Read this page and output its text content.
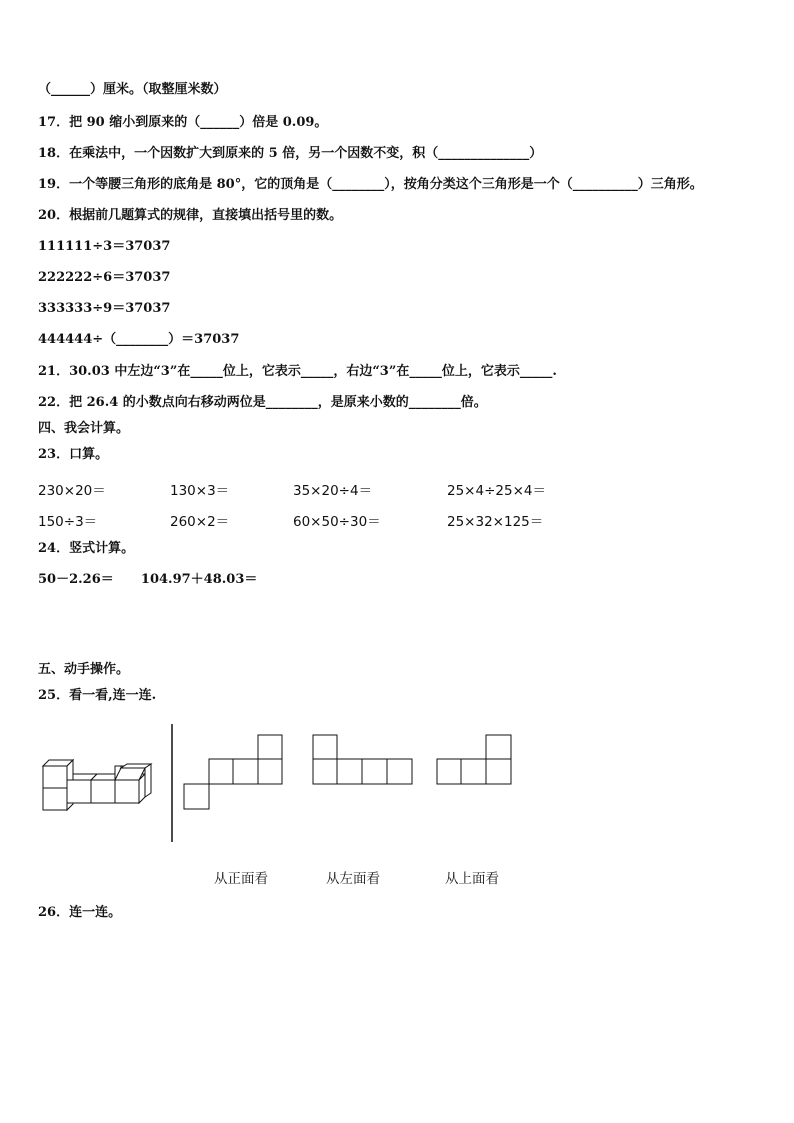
（______）厘米。（取整厘米数）
17．把 90 缩小到原来的（______）倍是 0.09。
18．在乘法中，一个因数扩大到原来的 5 倍，另一个因数不变，积（______________）
19．一个等腰三角形的底角是 80°，它的顶角是（________），按角分类这个三角形是一个（__________）三角形。
20．根据前几题算式的规律，直接填出括号里的数。
111111÷3＝37037
222222÷6＝37037
333333÷9＝37037
444444÷（________）＝37037
21．30.03 中左边“3”在_____位上，它表示_____，右边“3”在_____位上，它表示_____.
22．把 26.4 的小数点向右移动两位是________，是原来小数的________倍。
四、我会计算。
23．口算。
230×20＝	130×3＝	35×20÷4＝	25×4÷25×4＝
150÷3＝	260×2＝	60×50÷30＝	25×32×125＝
24．竖式计算。
50－2.26＝      104.97＋48.03＝
五、动手操作。
25．看一看,连一连.
从正面看	从左面看	从上面看
26．连一连。
